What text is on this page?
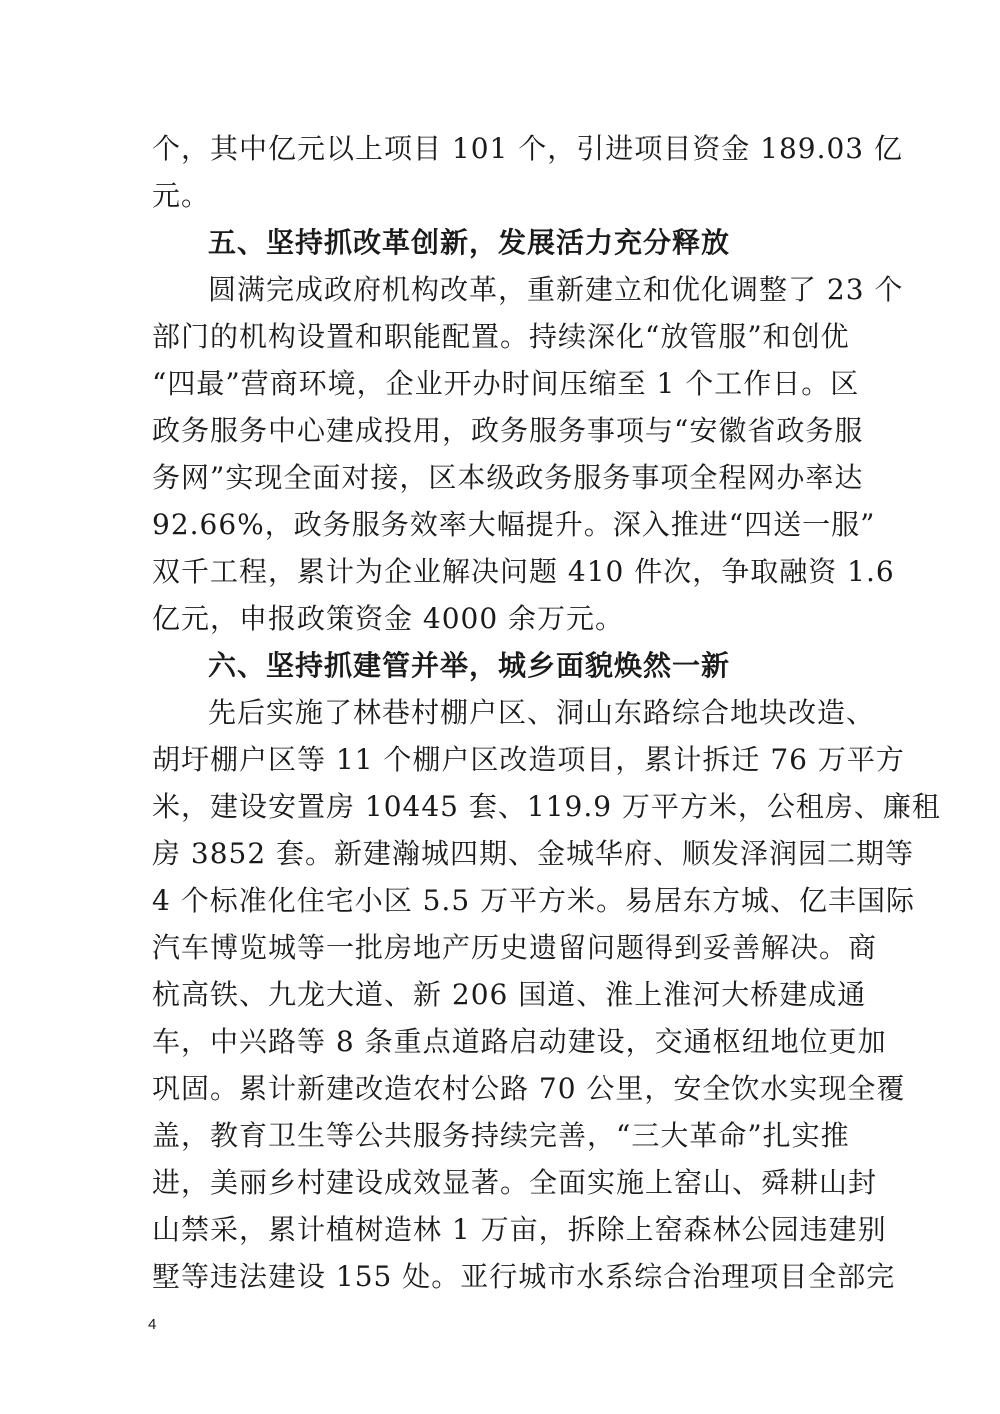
个，其中亿元以上项目 101 个，引进项目资金 189.03 亿
元。
五、坚持抓改革创新，发展活力充分释放
圆满完成政府机构改革，重新建立和优化调整了 23 个
部门的机构设置和职能配置。持续深化“放管服”和创优
“四最”营商环境，企业开办时间压缩至 1 个工作日。区
政务服务中心建成投用，政务服务事项与“安徽省政务服
务网”实现全面对接，区本级政务服务事项全程网办率达
92.66%，政务服务效率大幅提升。深入推进“四送一服”
双千工程，累计为企业解决问题 410 件次，争取融资 1.6
亿元，申报政策资金 4000 余万元。
六、坚持抓建管并举，城乡面貌焕然一新
先后实施了林巷村棚户区、洞山东路综合地块改造、
胡圩棚户区等 11 个棚户区改造项目，累计拆迁 76 万平方
米，建设安置房 10445 套、119.9 万平方米，公租房、廉租
房 3852 套。新建瀚城四期、金城华府、顺发泽润园二期等
4 个标准化住宅小区 5.5 万平方米。易居东方城、亿丰国际
汽车博览城等一批房地产历史遗留问题得到妥善解决。商
杭高铁、九龙大道、新 206 国道、淮上淮河大桥建成通
车，中兴路等 8 条重点道路启动建设，交通枢纽地位更加
巩固。累计新建改造农村公路 70 公里，安全饮水实现全覆
盖，教育卫生等公共服务持续完善，“三大革命”扎实推
进，美丽乡村建设成效显著。全面实施上窑山、舜耕山封
山禁采，累计植树造林 1 万亩，拆除上窑森林公园违建别
墅等违法建设 155 处。亚行城市水系综合治理项目全部完
4
